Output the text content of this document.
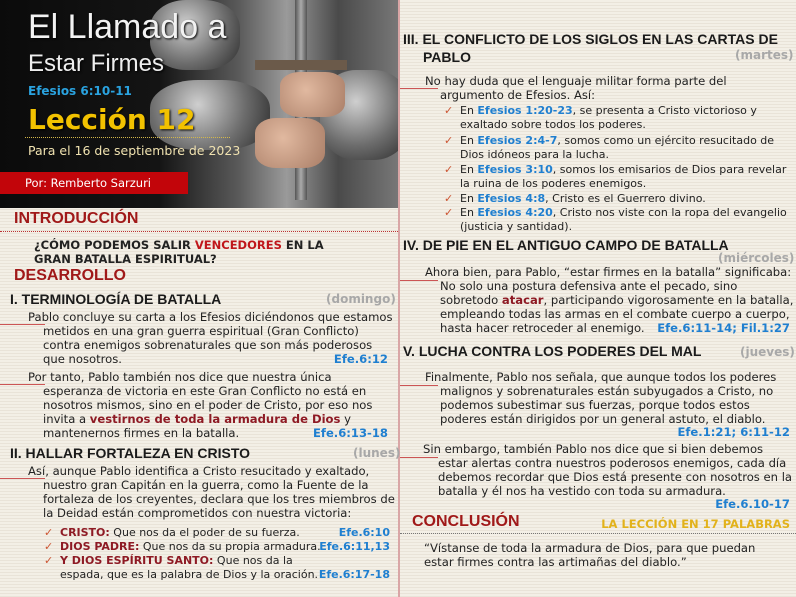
El Llamado a
Estar Firmes
Efesios 6:10-11
Lección 12
Para el 16 de septiembre de 2023
Por: Remberto Sarzuri
INTRODUCCIÓN
¿CÓMO PODEMOS SALIR VENCEDORES EN LA GRAN BATALLA ESPIRITUAL?
DESARROLLO
I. TERMINOLOGÍA DE BATALLA	(domingo)
Pablo concluye su carta a los Efesios diciéndonos que estamos metidos en una gran guerra espiritual (Gran Conflicto) contra enemigos sobrenaturales que son más poderosos que nosotros.	Efe.6:12
Por tanto, Pablo también nos dice que nuestra única esperanza de victoria en este Gran Conflicto no está en nosotros mismos, sino en el poder de Cristo, por eso nos invita a vestirnos de toda la armadura de Dios y mantenernos firmes en la batalla.	Efe.6:13-18
II. HALLAR FORTALEZA EN CRISTO	(lunes)
Así, aunque Pablo identifica a Cristo resucitado y exaltado, nuestro gran Capitán en la guerra, como la Fuente de la fortaleza de los creyentes, declara que los tres miembros de la Deidad están comprometidos con nuestra victoria:
✓ CRISTO: Que nos da el poder de su fuerza.	Efe.6:10
✓ DIOS PADRE: Que nos da su propia armadura.
Efe.6:11,13
✓ Y DIOS ESPÍRITU SANTO: Que nos da la espada, que es la palabra de Dios y la oración. Efe.6:17-18
III. EL CONFLICTO DE LOS SIGLOS EN LAS CARTAS DE PABLO	(martes)
No hay duda que el lenguaje militar forma parte del argumento de Efesios. Así:
✓ En Efesios 1:20-23, se presenta a Cristo victorioso y exaltado sobre todos los poderes.
✓ En Efesios 2:4-7, somos como un ejército resucitado de Dios idóneos para la lucha.
✓ En Efesios 3:10, somos los emisarios de Dios para revelar la ruina de los poderes enemigos.
✓ En Efesios 4:8, Cristo es el Guerrero divino.
✓ En Efesios 4:20, Cristo nos viste con la ropa del evangelio (justicia y santidad).
IV. DE PIE EN EL ANTIGUO CAMPO DE BATALLA
(miércoles)
Ahora bien, para Pablo, “estar firmes en la batalla” significaba: No solo una postura defensiva ante el pecado, sino sobretodo atacar, participando vigorosamente en la batalla, empleando todas las armas en el combate cuerpo a cuerpo, hasta hacer retroceder al enemigo.	Efe.6:11-14; Fil.1:27
V. LUCHA CONTRA LOS PODERES DEL MAL	(jueves)
Finalmente, Pablo nos señala, que aunque todos los poderes malignos y sobrenaturales están subyugados a Cristo, no podemos subestimar sus fuerzas, porque todos estos poderes están dirigidos por un general astuto, el diablo.
Efe.1:21; 6:11-12
Sin embargo, también Pablo nos dice que si bien debemos estar alertas contra nuestros poderosos enemigos, cada día debemos recordar que Dios está presente con nosotros en la batalla y él nos ha vestido con toda su armadura.
Efe.6.10-17
CONCLUSIÓN	LA LECCIÓN EN 17 PALABRAS
“Vístanse de toda la armadura de Dios, para que puedan estar firmes contra las artimañas del diablo.”
